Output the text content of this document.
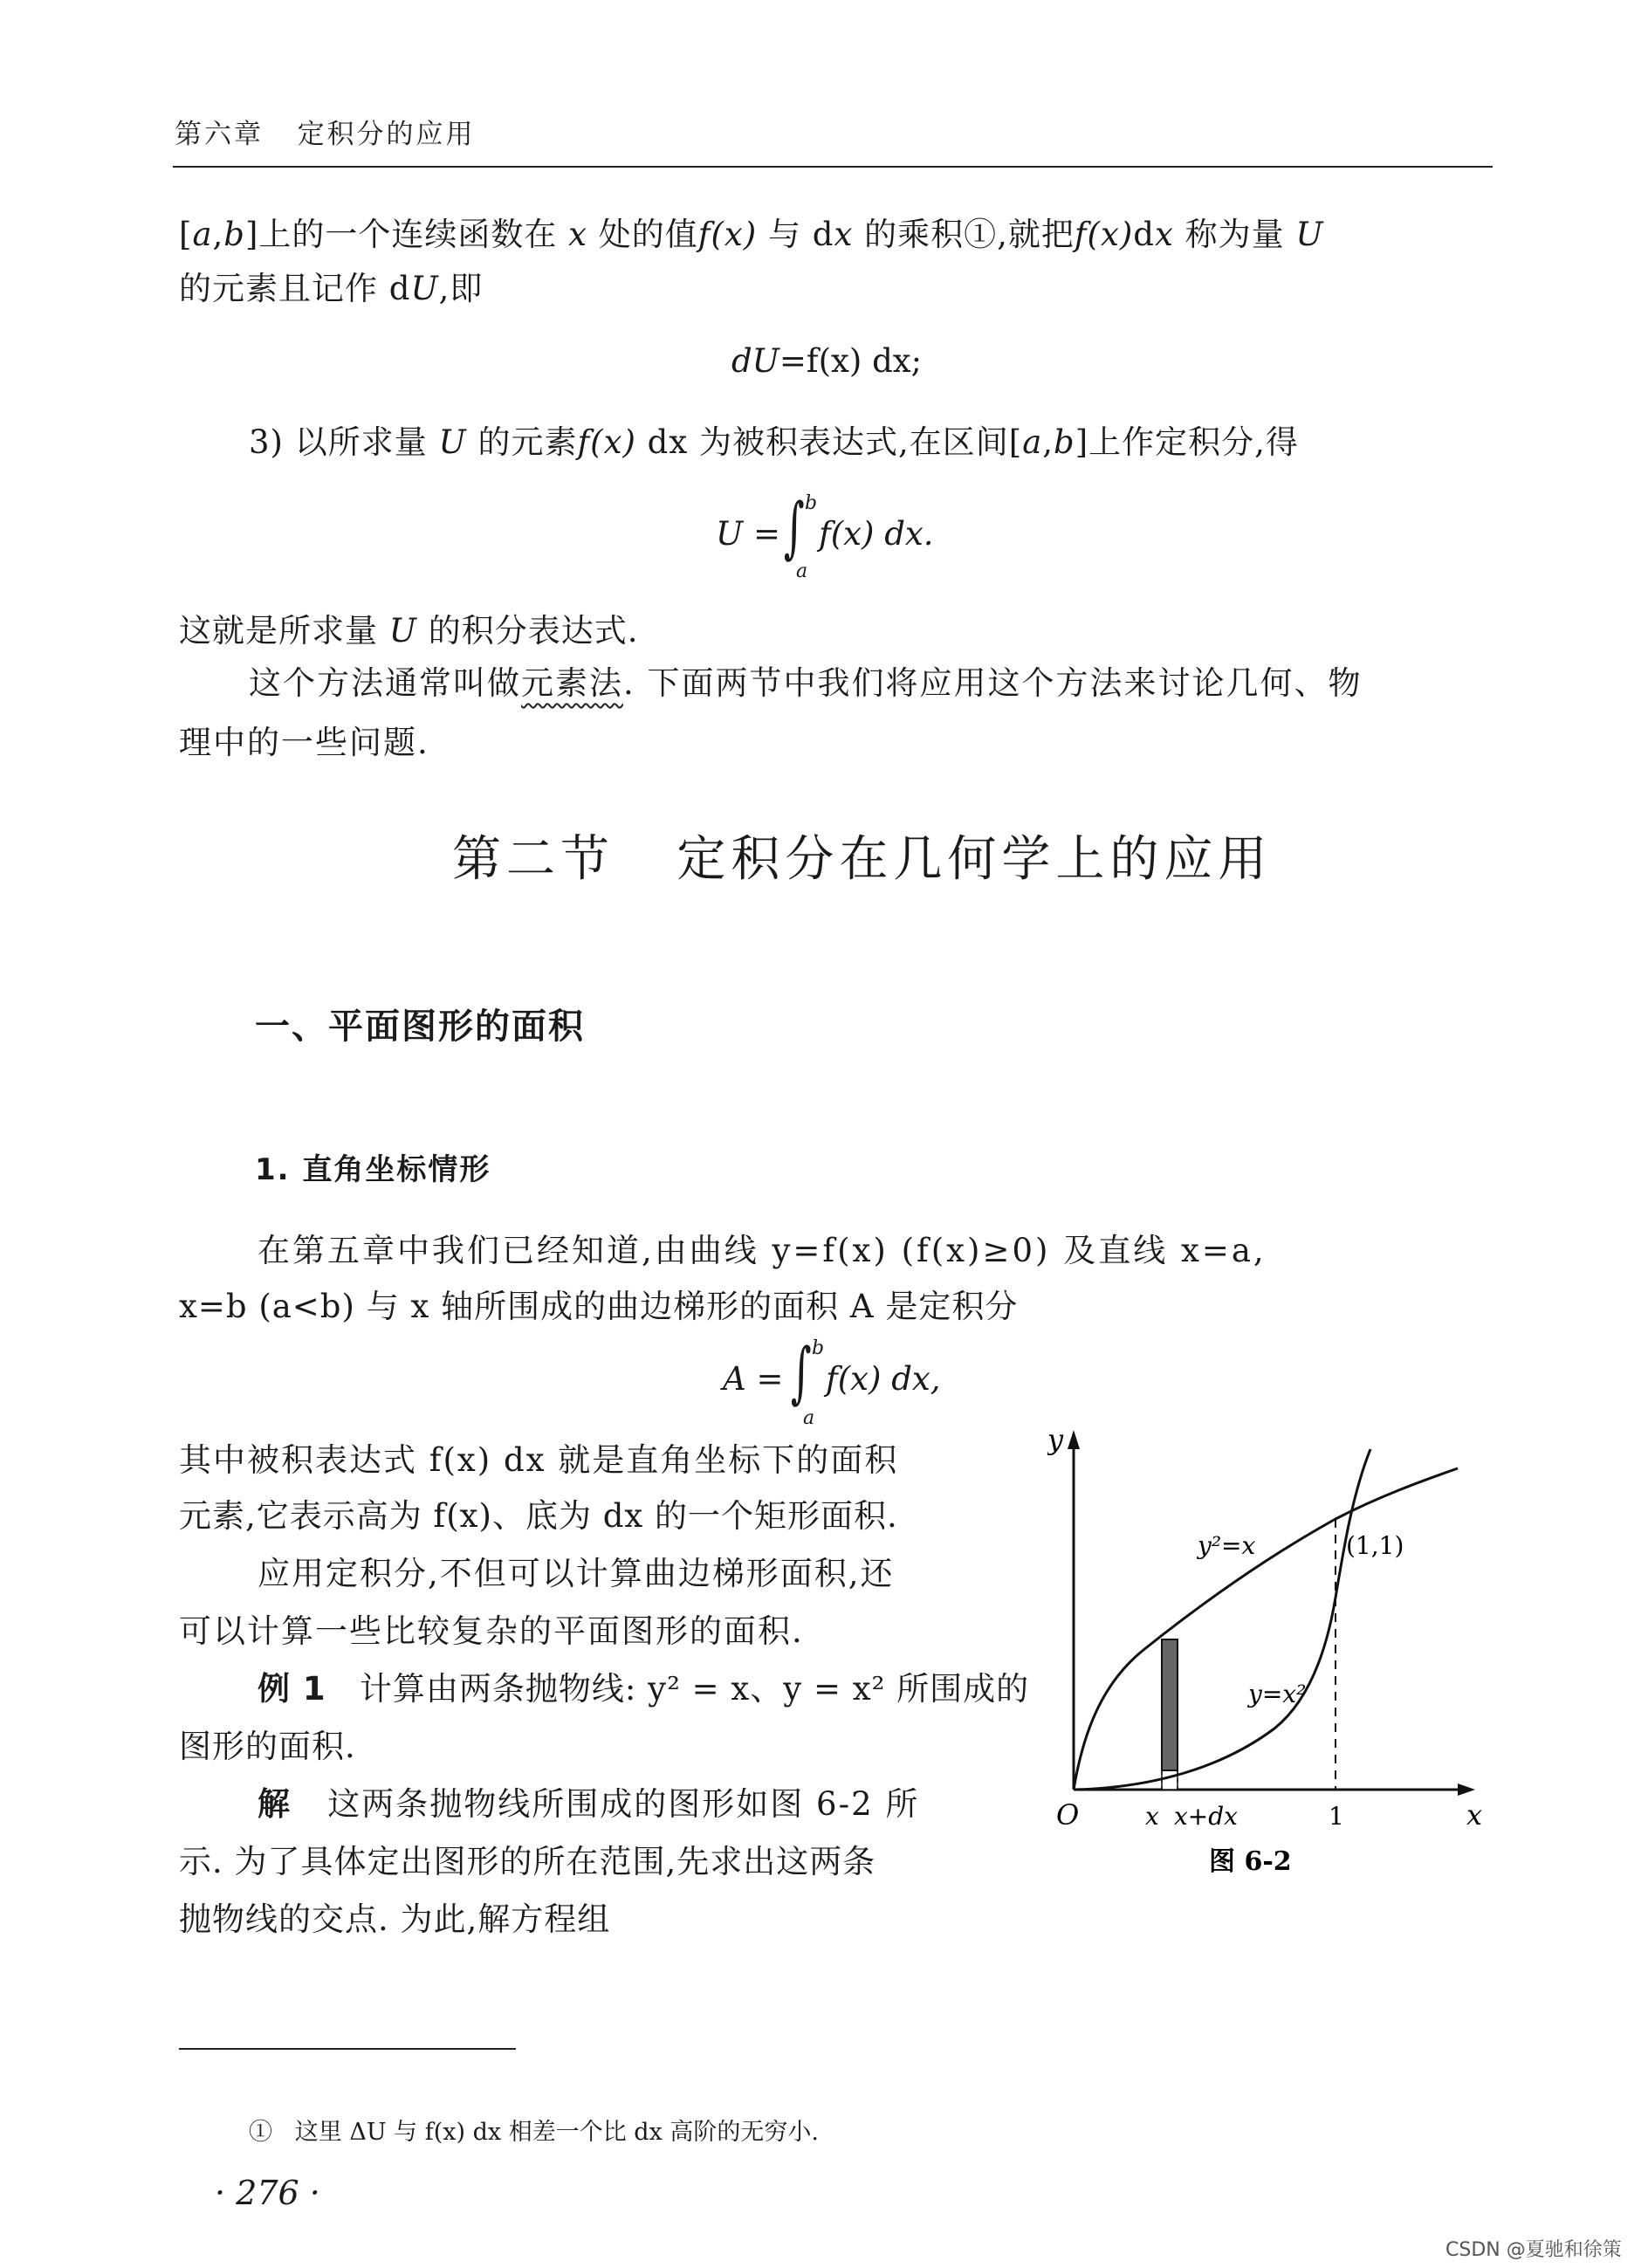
第六章 定积分的应用
[a,b]上的一个连续函数在 x 处的值f(x) 与 dx 的乘积①,就把f(x)dx 称为量 U
的元素且记作 dU,即
dU=f(x) dx;
3) 以所求量 U 的元素f(x) dx 为被积表达式,在区间[a,b]上作定积分,得
U = ∫ b
a
f(x) dx.
这就是所求量 U 的积分表达式.
这个方法通常叫做元素法. 下面两节中我们将应用这个方法来讨论几何、物
理中的一些问题.
第二节 定积分在几何学上的应用
一、平面图形的面积
1. 直角坐标情形
在第五章中我们已经知道,由曲线 y=f(x) (f(x)≥0) 及直线 x=a,
x=b (a<b) 与 x 轴所围成的曲边梯形的面积 A 是定积分
A = ∫ b
a
f(x) dx,
其中被积表达式 f(x) dx 就是直角坐标下的面积
元素,它表示高为 f(x)、底为 dx 的一个矩形面积.
应用定积分,不但可以计算曲边梯形面积,还
可以计算一些比较复杂的平面图形的面积.
例 1 计算由两条抛物线: y² = x、y = x² 所围成的
图形的面积.
解 这两条抛物线所围成的图形如图 6-2 所
示. 为了具体定出图形的所在范围,先求出这两条
抛物线的交点. 为此,解方程组
y
x
O
y²=x
y=x²
(1,1)
x x+dx	1
图 6-2
① 这里 ΔU 与 f(x) dx 相差一个比 dx 高阶的无穷小.
· 276 ·
CSDN @夏驰和徐策
